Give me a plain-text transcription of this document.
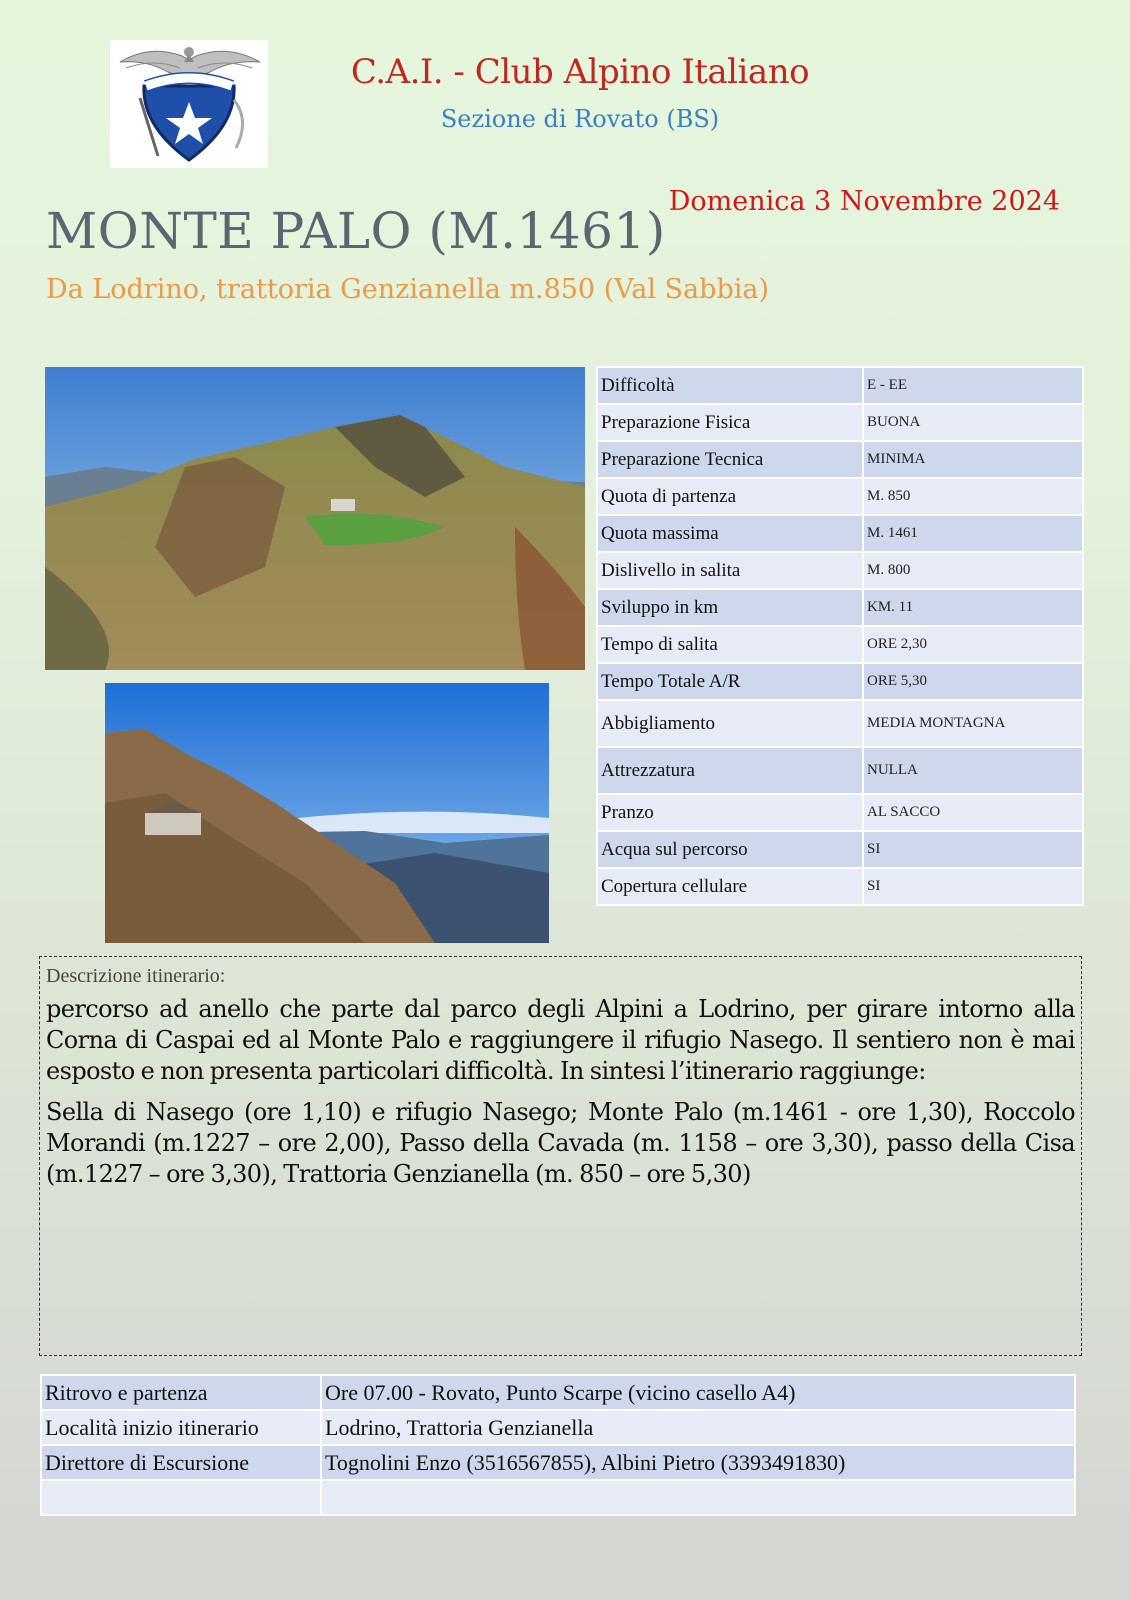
C.A.I. - Club Alpino Italiano
Sezione di Rovato (BS)
Domenica 3 Novembre 2024
MONTE PALO (M.1461)
Da Lodrino, trattoria Genzianella m.850 (Val Sabbia)
Difficoltà	E - EE
Preparazione Fisica	BUONA
Preparazione Tecnica	MINIMA
Quota di partenza	M. 850
Quota massima	M. 1461
Dislivello in salita	M. 800
Sviluppo in km	KM. 11
Tempo di salita	ORE 2,30
Tempo Totale A/R	ORE 5,30
Abbigliamento	MEDIA MONTAGNA
Attrezzatura	NULLA
Pranzo	AL SACCO
Acqua sul percorso	SI
Copertura cellulare	SI
Descrizione itinerario:

percorso ad anello che parte dal parco degli Alpini a Lodrino, per girare intorno alla Corna di Caspai ed al Monte Palo e raggiungere il rifugio Nasego. Il sentiero non è mai esposto e non presenta particolari difficoltà. In sintesi l’itinerario raggiunge:

Sella di Nasego (ore 1,10) e rifugio Nasego; Monte Palo (m.1461 - ore 1,30), Roccolo Morandi (m.1227 – ore 2,00), Passo della Cavada (m. 1158 – ore 3,30), passo della Cisa (m.1227 – ore 3,30), Trattoria Genzianella (m. 850 – ore 5,30)

Ritrovo e partenza	Ore 07.00 - Rovato, Punto Scarpe (vicino casello A4)
Località inizio itinerario	Lodrino, Trattoria Genzianella
Direttore di Escursione	Tognolini Enzo (3516567855), Albini Pietro (3393491830)
